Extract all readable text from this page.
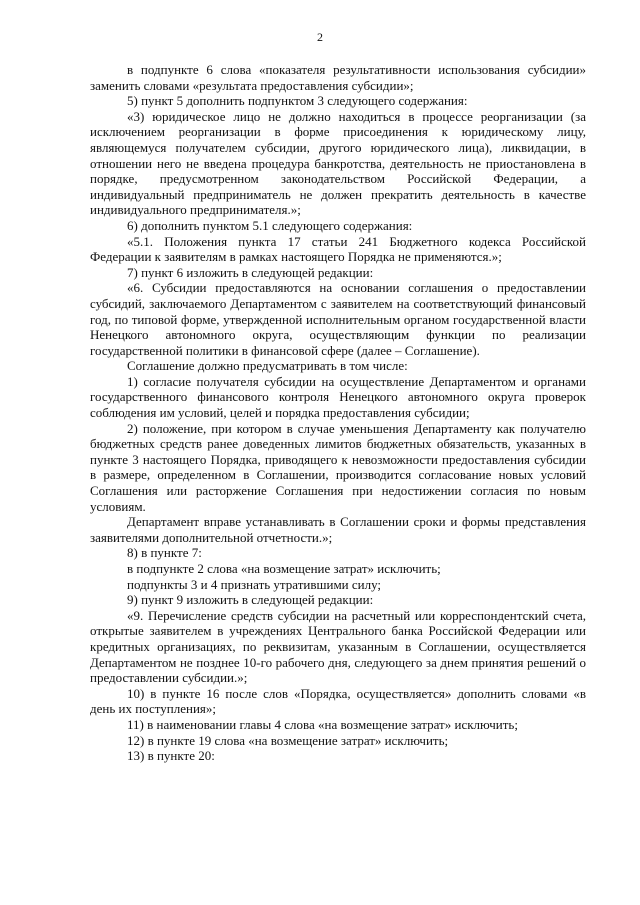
2

в подпункте 6 слова «показателя результативности использования субсидии» заменить словами «результата предоставления субсидии»;

5) пункт 5 дополнить подпунктом 3 следующего содержания:

«3) юридическое лицо не должно находиться в процессе реорганизации (за исключением реорганизации в форме присоединения к юридическому лицу, являющемуся получателем субсидии, другого юридического лица), ликвидации, в отношении него не введена процедура банкротства, деятельность не приостановлена в порядке, предусмотренном законодательством Российской Федерации, а индивидуальный предприниматель не должен прекратить деятельность в качестве индивидуального предпринимателя.»;

6) дополнить пунктом 5.1 следующего содержания:

«5.1. Положения пункта 17 статьи 241 Бюджетного кодекса Российской Федерации к заявителям в рамках настоящего Порядка не применяются.»;

7) пункт 6 изложить в следующей редакции:

«6. Субсидии предоставляются на основании соглашения о предоставлении субсидий, заключаемого Департаментом с заявителем на соответствующий финансовый год, по типовой форме, утвержденной исполнительным органом государственной власти Ненецкого автономного округа, осуществляющим функции по реализации государственной политики в финансовой сфере (далее – Соглашение).

Соглашение должно предусматривать в том числе:

1) согласие получателя субсидии на осуществление Департаментом и органами государственного финансового контроля Ненецкого автономного округа проверок соблюдения им условий, целей и порядка предоставления субсидии;

2) положение, при котором в случае уменьшения Департаменту как получателю бюджетных средств ранее доведенных лимитов бюджетных обязательств, указанных в пункте 3 настоящего Порядка, приводящего к невозможности предоставления субсидии в размере, определенном в Соглашении, производится согласование новых условий Соглашения или расторжение Соглашения при недостижении согласия по новым условиям.

Департамент вправе устанавливать в Соглашении сроки и формы представления заявителями дополнительной отчетности.»;

8) в пункте 7:

в подпункте 2 слова «на возмещение затрат» исключить;

подпункты 3 и 4 признать утратившими силу;

9) пункт 9 изложить в следующей редакции:

«9. Перечисление средств субсидии на расчетный или корреспондентский счета, открытые заявителем в учреждениях Центрального банка Российской Федерации или кредитных организациях, по реквизитам, указанным в Соглашении, осуществляется Департаментом не позднее 10-го рабочего дня, следующего за днем принятия решений о предоставлении субсидии.»;

10) в пункте 16 после слов «Порядка, осуществляется» дополнить словами «в день их поступления»;

11) в наименовании главы 4 слова «на возмещение затрат» исключить;

12) в пункте 19 слова «на возмещение затрат» исключить;

13) в пункте 20:
